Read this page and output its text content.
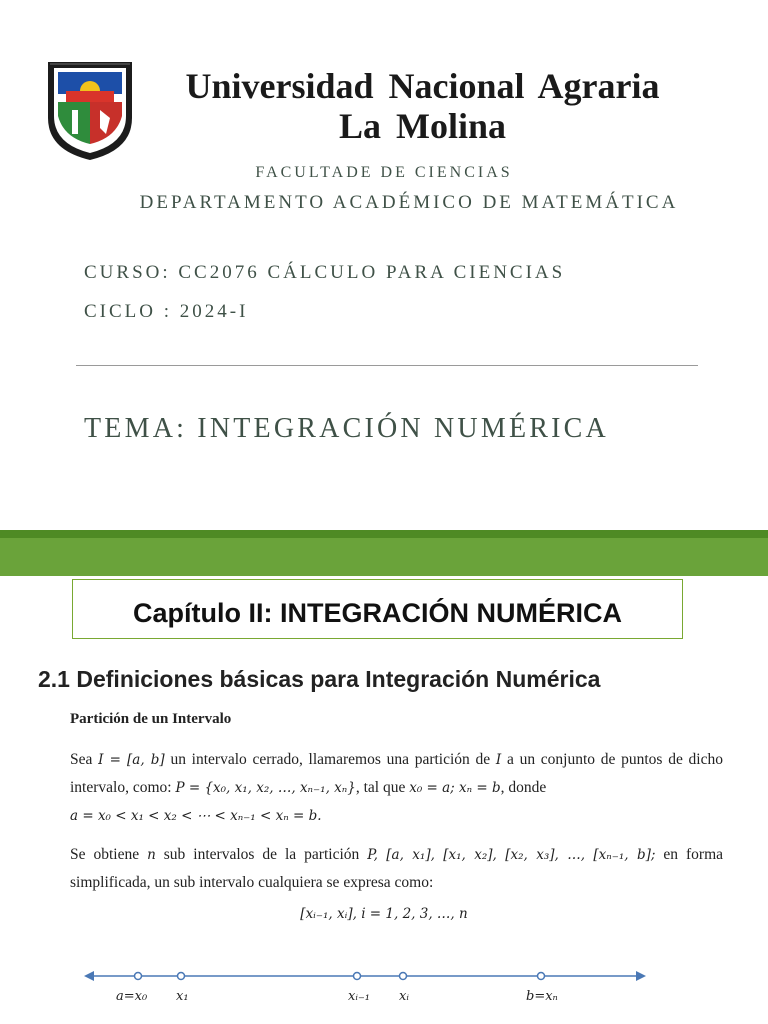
Universidad Nacional Agraria
La Molina
FACULTADE DE CIENCIAS
DEPARTAMENTO ACADÉMICO DE MATEMÁTICA
CURSO: CC2076 CÁLCULO PARA CIENCIAS
CICLO : 2024-I
TEMA: INTEGRACIÓN NUMÉRICA
Capítulo II: INTEGRACIÓN NUMÉRICA
2.1 Definiciones básicas para Integración Numérica
Partición de un Intervalo
Sea I = [a, b] un intervalo cerrado, llamaremos una partición de I a un conjunto de puntos de dicho intervalo, como: P = {x₀, x₁, x₂, …, xₙ₋₁, xₙ}, tal que x₀ = a; xₙ = b, donde
a = x₀ < x₁ < x₂ < ⋯ < xₙ₋₁ < xₙ = b.
Se obtiene n sub intervalos de la partición P, [a, x₁], [x₁, x₂], [x₂, x₃], …, [xₙ₋₁, b]; en forma simplificada, un sub intervalo cualquiera se expresa como:
[xᵢ₋₁, xᵢ], i = 1, 2, 3, …, n
a=x₀ x₁	xᵢ₋₁ xᵢ	b=xₙ
